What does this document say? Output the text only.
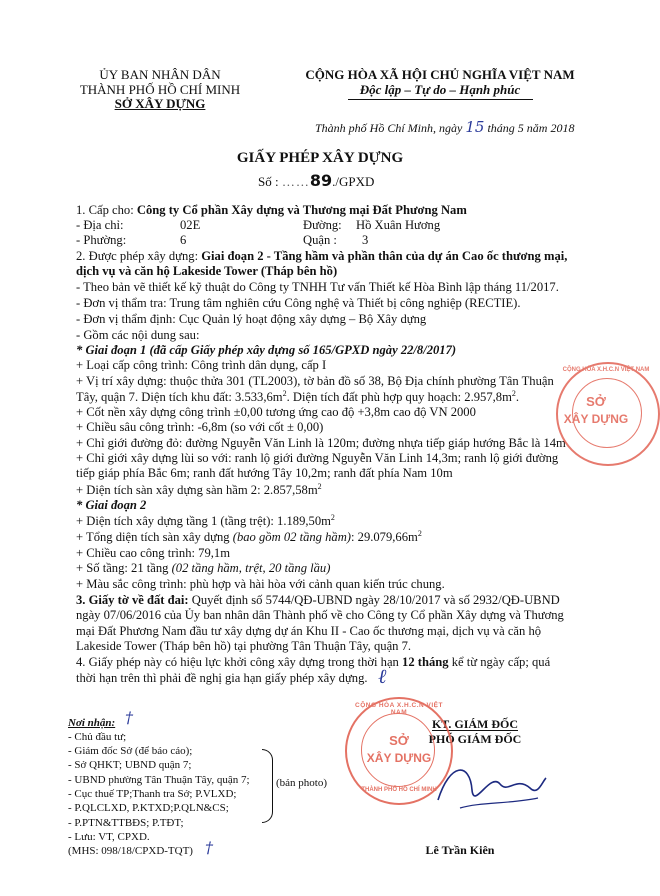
ỦY BAN NHÂN DÂN
THÀNH PHỐ HỒ CHÍ MINH
SỞ XÂY DỰNG
CỘNG HÒA XÃ HỘI CHỦ NGHĨA VIỆT NAM
Độc lập – Tự do – Hạnh phúc
Thành phố Hồ Chí Minh, ngày 15 tháng 5 năm 2018
GIẤY PHÉP XÂY DỰNG
Số : ……89./GPXD
1. Cấp cho: Công ty Cổ phần Xây dựng và Thương mại Đất Phương Nam
- Địa chỉ:	02E	Đường: Hồ Xuân Hương
- Phường:	6	Quận : 3
2. Được phép xây dựng: Giai đoạn 2 - Tầng hầm và phần thân của dự án Cao ốc thương mại,
dịch vụ và căn hộ Lakeside Tower (Tháp bên hồ)
- Theo bản vẽ thiết kế kỹ thuật do Công ty TNHH Tư vấn Thiết kế Hòa Bình lập tháng 11/2017.
- Đơn vị thẩm tra: Trung tâm nghiên cứu Công nghệ và Thiết bị công nghiệp (RECTIE).
- Đơn vị thẩm định: Cục Quản lý hoạt động xây dựng – Bộ Xây dựng
- Gồm các nội dung sau:
* Giai đoạn 1 (đã cấp Giấy phép xây dựng số 165/GPXD ngày 22/8/2017)
+ Loại cấp công trình: Công trình dân dụng, cấp I
+ Vị trí xây dựng: thuộc thửa 301 (TL2003), tờ bản đồ số 38, Bộ Địa chính phường Tân Thuận
Tây, quận 7. Diện tích khu đất: $3.533,6m^2$. Diện tích đất phù hợp quy hoạch: $2.957,8m^2$.
+ Cốt nền xây dựng công trình ±0,00 tương ứng cao độ +3,8m cao độ VN 2000
+ Chiều sâu công trình: -6,8m (so với cốt ± 0,00)
+ Chỉ giới đường đỏ: đường Nguyễn Văn Linh là 120m; đường nhựa tiếp giáp hướng Bắc là 14m
+ Chỉ giới xây dựng lùi so với: ranh lộ giới đường Nguyễn Văn Linh 14,3m; ranh lộ giới đường
tiếp giáp phía Bắc 6m; ranh đất hướng Tây 10,2m; ranh đất phía Nam 10m
+ Diện tích sàn xây dựng sàn hầm 2: $2.857,58m^2$
* Giai đoạn 2
+ Diện tích xây dựng tầng 1 (tầng trệt): $1.189,50m^2$
+ Tổng diện tích sàn xây dựng (bao gồm 02 tầng hầm): $29.079,66m^2$
+ Chiều cao công trình: 79,1m
+ Số tầng: 21 tầng (02 tầng hầm, trệt, 20 tầng lầu)
+ Màu sắc công trình: phù hợp và hài hòa với cảnh quan kiến trúc chung.
3. Giấy tờ về đất đai: Quyết định số 5744/QĐ-UBND ngày 28/10/2017 và số 2932/QĐ-UBND
ngày 07/06/2016 của Ủy ban nhân dân Thành phố về cho Công ty Cổ phần Xây dựng và Thương
mại Đất Phương Nam đầu tư xây dựng dự án Khu II - Cao ốc thương mại, dịch vụ và căn hộ
Lakeside Tower (Tháp bên hồ) tại phường Tân Thuận Tây, quận 7.
4. Giấy phép này có hiệu lực khởi công xây dựng trong thời hạn 12 tháng kể từ ngày cấp; quá
thời hạn trên thì phải đề nghị gia hạn giấy phép xây dựng. ℓ
Nơi nhận: †
- Chủ đầu tư;
- Giám đốc Sở (để báo cáo);
- Sở QHKT; UBND quận 7;
- UBND phường Tân Thuận Tây, quận 7;
- Cục thuế TP;Thanh tra Sở; P.VLXD;
- P.QLCLXD, P.KTXD;P.QLN&CS;
- P.PTN&TTBĐS; P.TĐT;
- Lưu: VT, CPXD.
(MHS: 098/18/CPXD-TQT) †
(bản photo)
KT. GIÁM ĐỐC
PHÓ GIÁM ĐỐC
Lê Trần Kiên
CỘNG HÒA X.H.C.N VIỆT NAM
SỞ
XÂY DỰNG
THÀNH PHỐ HỒ CHÍ MINH
CỘNG HÒA X.H.C.N VIỆT NAM
SỞ
XÂY DỰNG
